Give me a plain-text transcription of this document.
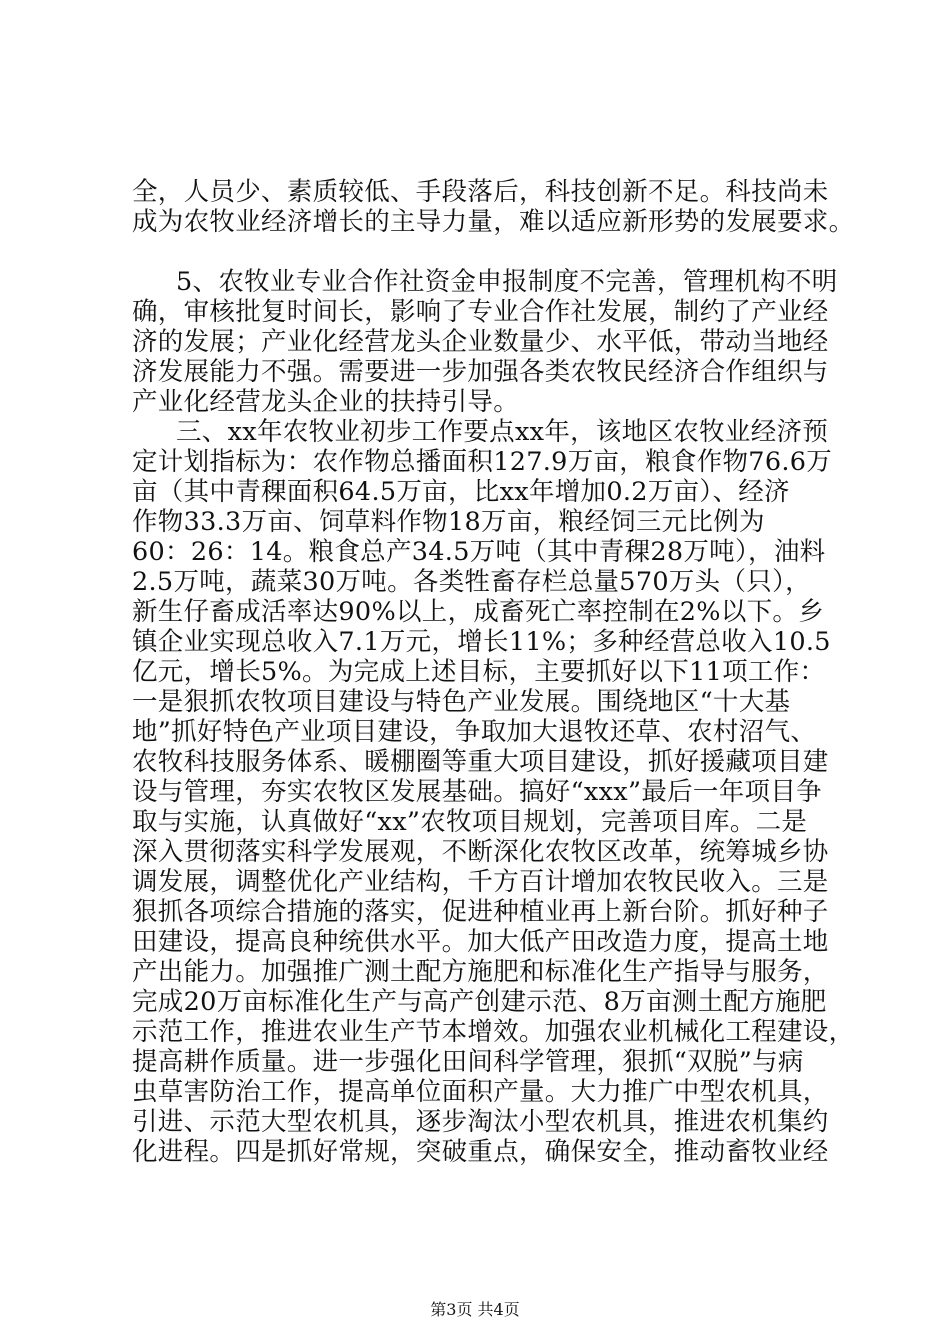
全，人员少、素质较低、手段落后，科技创新不足。科技尚未
成为农牧业经济增长的主导力量，难以适应新形势的发展要求。
5、农牧业专业合作社资金申报制度不完善，管理机构不明
确，审核批复时间长，影响了专业合作社发展，制约了产业经
济的发展；产业化经营龙头企业数量少、水平低，带动当地经
济发展能力不强。需要进一步加强各类农牧民经济合作组织与
产业化经营龙头企业的扶持引导。
三、xx年农牧业初步工作要点xx年，该地区农牧业经济预
定计划指标为：农作物总播面积127.9万亩，粮食作物76.6万
亩（其中青稞面积64.5万亩，比xx年增加0.2万亩）、经济
作物33.3万亩、饲草料作物18万亩，粮经饲三元比例为
60：26：14。粮食总产34.5万吨（其中青稞28万吨），油料
2.5万吨，蔬菜30万吨。各类牲畜存栏总量570万头（只），
新生仔畜成活率达90%以上，成畜死亡率控制在2%以下。乡
镇企业实现总收入7.1万元，增长11%；多种经营总收入10.5
亿元，增长5%。为完成上述目标，主要抓好以下11项工作：
一是狠抓农牧项目建设与特色产业发展。围绕地区“十大基
地”抓好特色产业项目建设，争取加大退牧还草、农村沼气、
农牧科技服务体系、暖棚圈等重大项目建设，抓好援藏项目建
设与管理，夯实农牧区发展基础。搞好“xxx”最后一年项目争
取与实施，认真做好“xx”农牧项目规划，完善项目库。二是
深入贯彻落实科学发展观，不断深化农牧区改革，统筹城乡协
调发展，调整优化产业结构，千方百计增加农牧民收入。三是
狠抓各项综合措施的落实，促进种植业再上新台阶。抓好种子
田建设，提高良种统供水平。加大低产田改造力度，提高土地
产出能力。加强推广测土配方施肥和标准化生产指导与服务，
完成20万亩标准化生产与高产创建示范、8万亩测土配方施肥
示范工作，推进农业生产节本增效。加强农业机械化工程建设，
提高耕作质量。进一步强化田间科学管理，狠抓“双脱”与病
虫草害防治工作，提高单位面积产量。大力推广中型农机具，
引进、示范大型农机具，逐步淘汰小型农机具，推进农机集约
化进程。四是抓好常规，突破重点，确保安全，推动畜牧业经
第3页 共4页
